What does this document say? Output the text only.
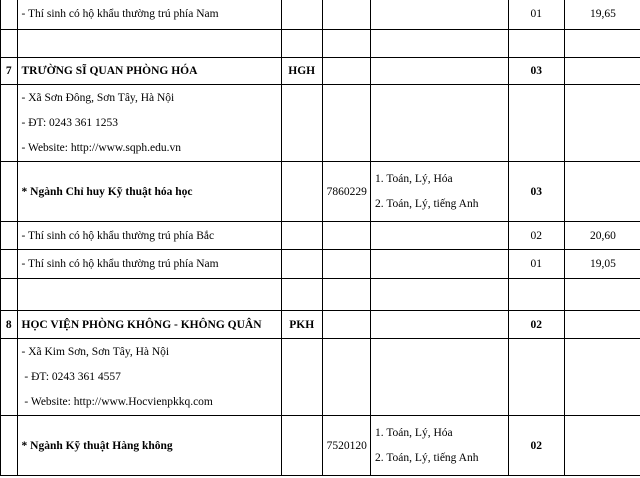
	- Thí sinh có hộ khẩu thường trú phía Nam				01	19,65

7	TRƯỜNG SĨ QUAN PHÒNG HÓA	HGH			03	

	- Xã Sơn Đông, Sơn Tây, Hà Nội
- ĐT: 0243 361 1253
- Website: http://www.sqph.edu.vn					

	* Ngành Chỉ huy Kỹ thuật hóa học		7860229	1. Toán, Lý, Hóa
2. Toán, Lý, tiếng Anh	03	
	- Thí sinh có hộ khẩu thường trú phía Bắc				02	20,60
	- Thí sinh có hộ khẩu thường trú phía Nam				01	19,05

8	HỌC VIỆN PHÒNG KHÔNG - KHÔNG QUÂN	PKH			02	

	- Xã Kim Sơn, Sơn Tây, Hà Nội
- ĐT: 0243 361 4557
- Website: http://www.Hocvienpkkq.com					

	* Ngành Kỹ thuật Hàng không		7520120	1. Toán, Lý, Hóa
2. Toán, Lý, tiếng Anh	02	
